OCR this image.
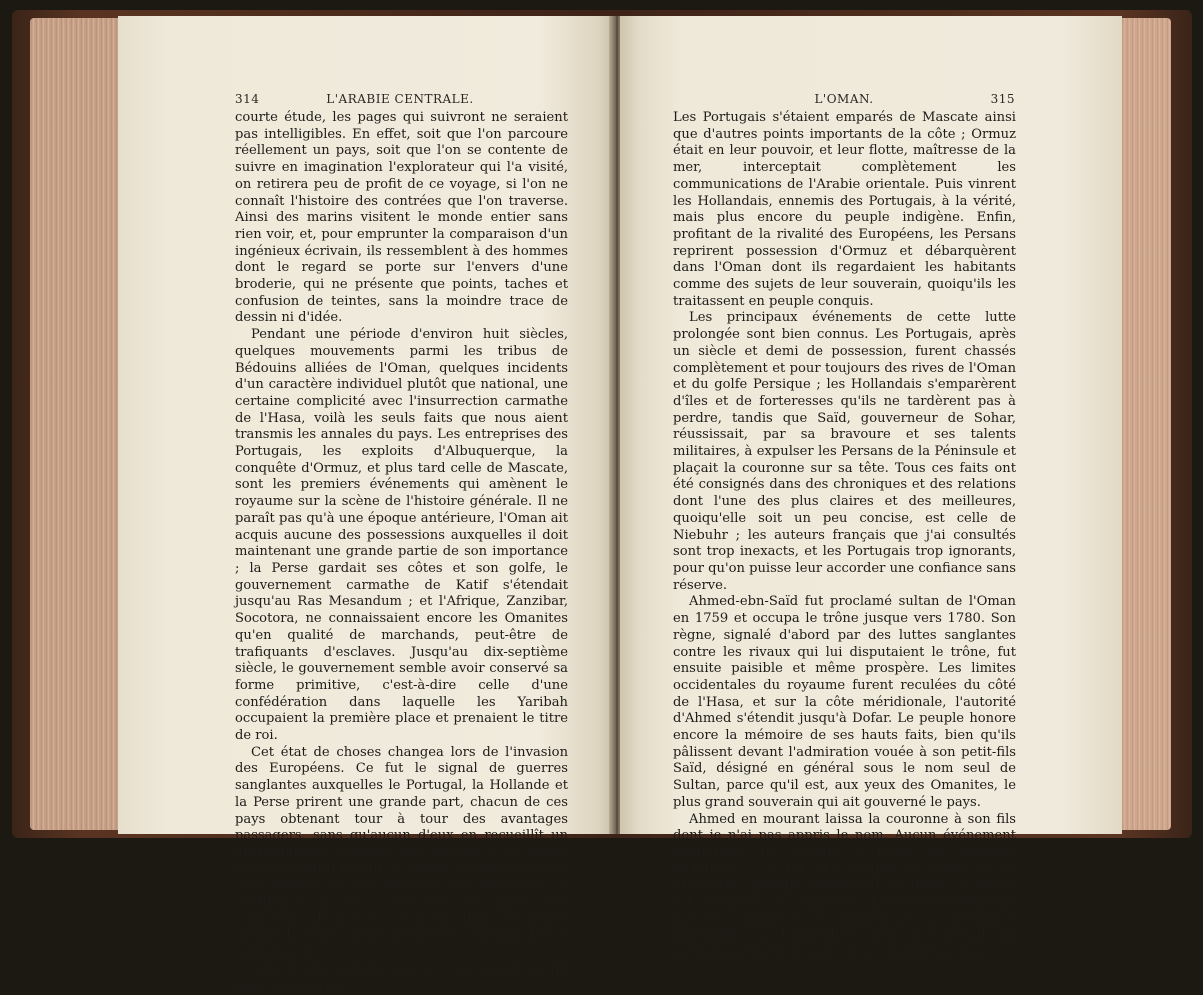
314	L'ARABIE CENTRALE.

courte étude, les pages qui suivront ne seraient pas intelligibles. En effet, soit que l'on parcoure réellement un pays, soit que l'on se contente de suivre en imagination l'explorateur qui l'a visité, on retirera peu de profit de ce voyage, si l'on ne connaît l'histoire des contrées que l'on traverse. Ainsi des marins visitent le monde entier sans rien voir, et, pour emprunter la comparaison d'un ingénieux écrivain, ils ressemblent à des hommes dont le regard se porte sur l'envers d'une broderie, qui ne présente que points, taches et confusion de teintes, sans la moindre trace de dessin ni d'idée.

Pendant une période d'environ huit siècles, quelques mouvements parmi les tribus de Bédouins alliées de l'Oman, quelques incidents d'un caractère individuel plutôt que national, une certaine complicité avec l'insurrection carmathe de l'Hasa, voilà les seuls faits que nous aient transmis les annales du pays. Les entreprises des Portugais, les exploits d'Albuquerque, la conquête d'Ormuz, et plus tard celle de Mascate, sont les premiers événements qui amènent le royaume sur la scène de l'histoire générale. Il ne paraît pas qu'à une époque antérieure, l'Oman ait acquis aucune des possessions auxquelles il doit maintenant une grande partie de son importance ; la Perse gardait ses côtes et son golfe, le gouvernement carmathe de Katif s'étendait jusqu'au Ras Mesandum ; et l'Afrique, Zanzibar, Socotora, ne connaissaient encore les Omanites qu'en qualité de marchands, peut-être de trafiquants d'esclaves. Jusqu'au dix-septième siècle, le gouvernement semble avoir conservé sa forme primitive, c'est-à-dire celle d'une confédération dans laquelle les Yaribah occupaient la première place et prenaient le titre de roi.

Cet état de choses changea lors de l'invasion des Européens. Ce fut le signal de guerres sanglantes auxquelles le Portugal, la Hollande et la Perse prirent une grande part, chacun de ces pays obtenant tour à tour des avantages passagers, sans qu'aucun d'eux en recueillît un profit durable. L'Oman, avec ses îles et ses côtes, assista d'abord inactif au conflit qui déchirait son sein, jusqu'à ce que, exaspéré par l'excès de la souffrance, il prît à son tour les armes, eut conscience de sa force, et trouva dans ses pertes mêmes la source d'une prospérité considérable et permanente.

A la fin du seizième siècle, il paraissait perdu sans ressources.

L'OMAN.	315

Les Portugais s'étaient emparés de Mascate ainsi que d'autres points importants de la côte ; Ormuz était en leur pouvoir, et leur flotte, maîtresse de la mer, interceptait complètement les communications de l'Arabie orientale. Puis vinrent les Hollandais, ennemis des Portugais, à la vérité, mais plus encore du peuple indigène. Enfin, profitant de la rivalité des Européens, les Persans reprirent possession d'Ormuz et débarquèrent dans l'Oman dont ils regardaient les habitants comme des sujets de leur souverain, quoiqu'ils les traitassent en peuple conquis.

Les principaux événements de cette lutte prolongée sont bien connus. Les Portugais, après un siècle et demi de possession, furent chassés complètement et pour toujours des rives de l'Oman et du golfe Persique ; les Hollandais s'emparèrent d'îles et de forteresses qu'ils ne tardèrent pas à perdre, tandis que Saïd, gouverneur de Sohar, réussissait, par sa bravoure et ses talents militaires, à expulser les Persans de la Péninsule et plaçait la couronne sur sa tête. Tous ces faits ont été consignés dans des chroniques et des relations dont l'une des plus claires et des meilleures, quoiqu'elle soit un peu concise, est celle de Niebuhr ; les auteurs français que j'ai consultés sont trop inexacts, et les Portugais trop ignorants, pour qu'on puisse leur accorder une confiance sans réserve.

Ahmed-ebn-Saïd fut proclamé sultan de l'Oman en 1759 et occupa le trône jusque vers 1780. Son règne, signalé d'abord par des luttes sanglantes contre les rivaux qui lui disputaient le trône, fut ensuite paisible et même prospère. Les limites occidentales du royaume furent reculées du côté de l'Hasa, et sur la côte méridionale, l'autorité d'Ahmed s'étendit jusqu'à Dofar. Le peuple honore encore la mémoire de ses hauts faits, bien qu'ils pâlissent devant l'admiration vouée à son petit-fils Saïd, désigné en général sous le nom seul de Sultan, parce qu'il est, aux yeux des Omanites, le plus grand souverain qui ait gouverné le pays.

Ahmed en mourant laissa la couronne à son fils dont je n'ai pas appris le nom. Aucun événement mémorable ne signala le règne du nouveau monarque ; ce fut une époque de calme et de prospérité, quoique dépourvue de gloire, si gloire est synonyme de conquêtes. L'Oman s'enrichissait par le commerce et augmentait sa puissance matérielle, la tranquillité dont il jouissait lui permettant de tirer parti de ses immenses res-
